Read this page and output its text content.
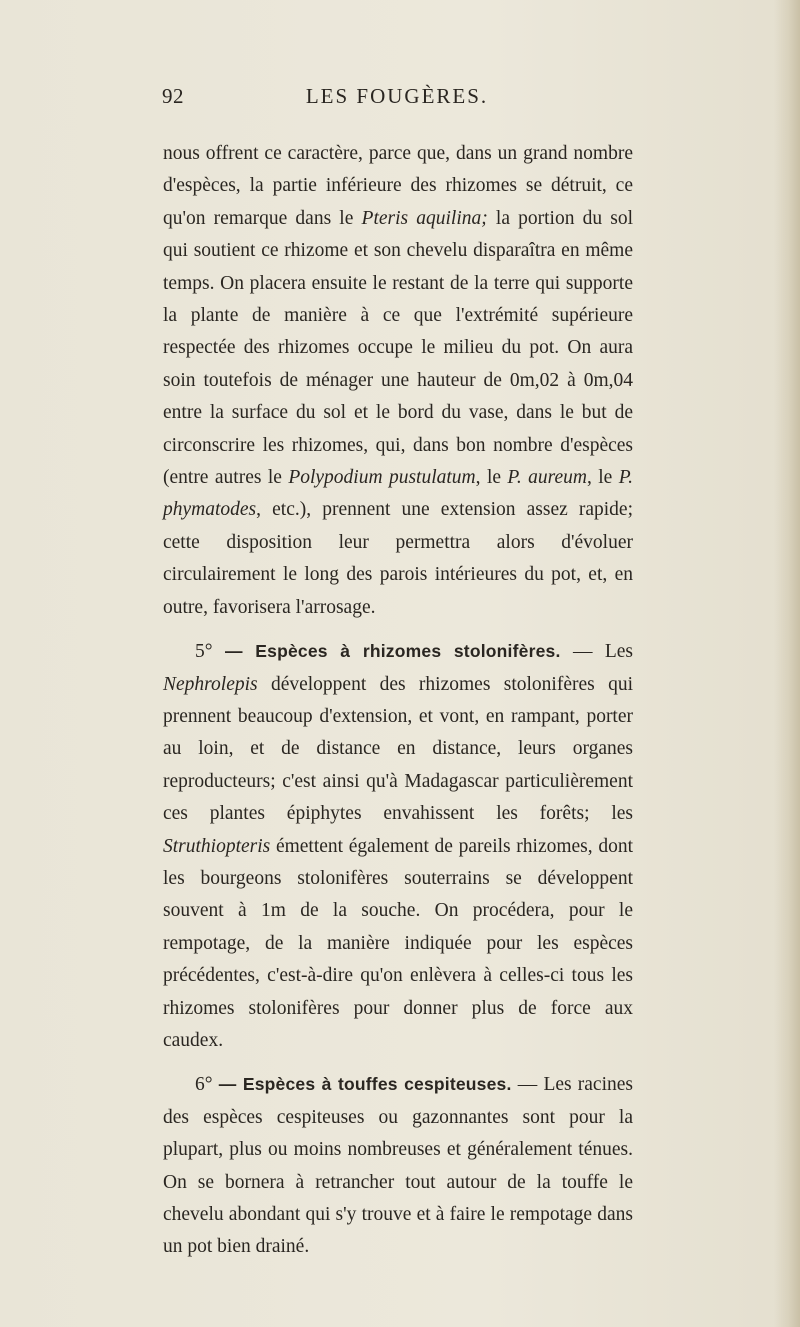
92	LES FOUGÈRES.

nous offrent ce caractère, parce que, dans un grand nombre d'espèces, la partie inférieure des rhizomes se détruit, ce qu'on remarque dans le Pteris aquilina; la portion du sol qui soutient ce rhizome et son chevelu disparaîtra en même temps. On placera ensuite le restant de la terre qui supporte la plante de manière à ce que l'extrémité supérieure respectée des rhizomes occupe le milieu du pot. On aura soin toutefois de ménager une hauteur de 0m,02 à 0m,04 entre la surface du sol et le bord du vase, dans le but de circonscrire les rhizomes, qui, dans bon nombre d'espèces (entre autres le Polypodium pustulatum, le P. aureum, le P. phymatodes, etc.), prennent une extension assez rapide; cette disposition leur permettra alors d'évoluer circulairement le long des parois intérieures du pot, et, en outre, favorisera l'arrosage.

5° — Espèces à rhizomes stolonifères. — Les Nephrolepis développent des rhizomes stolonifères qui prennent beaucoup d'extension, et vont, en rampant, porter au loin, et de distance en distance, leurs organes reproducteurs; c'est ainsi qu'à Madagascar particulièrement ces plantes épiphytes envahissent les forêts; les Struthiopteris émettent également de pareils rhizomes, dont les bourgeons stolonifères souterrains se développent souvent à 1m de la souche. On procédera, pour le rempotage, de la manière indiquée pour les espèces précédentes, c'est-à-dire qu'on enlèvera à celles-ci tous les rhizomes stolonifères pour donner plus de force aux caudex.

6° — Espèces à touffes cespiteuses. — Les racines des espèces cespiteuses ou gazonnantes sont pour la plupart, plus ou moins nombreuses et généralement ténues. On se bornera à retrancher tout autour de la touffe le chevelu abondant qui s'y trouve et à faire le rempotage dans un pot bien drainé.
